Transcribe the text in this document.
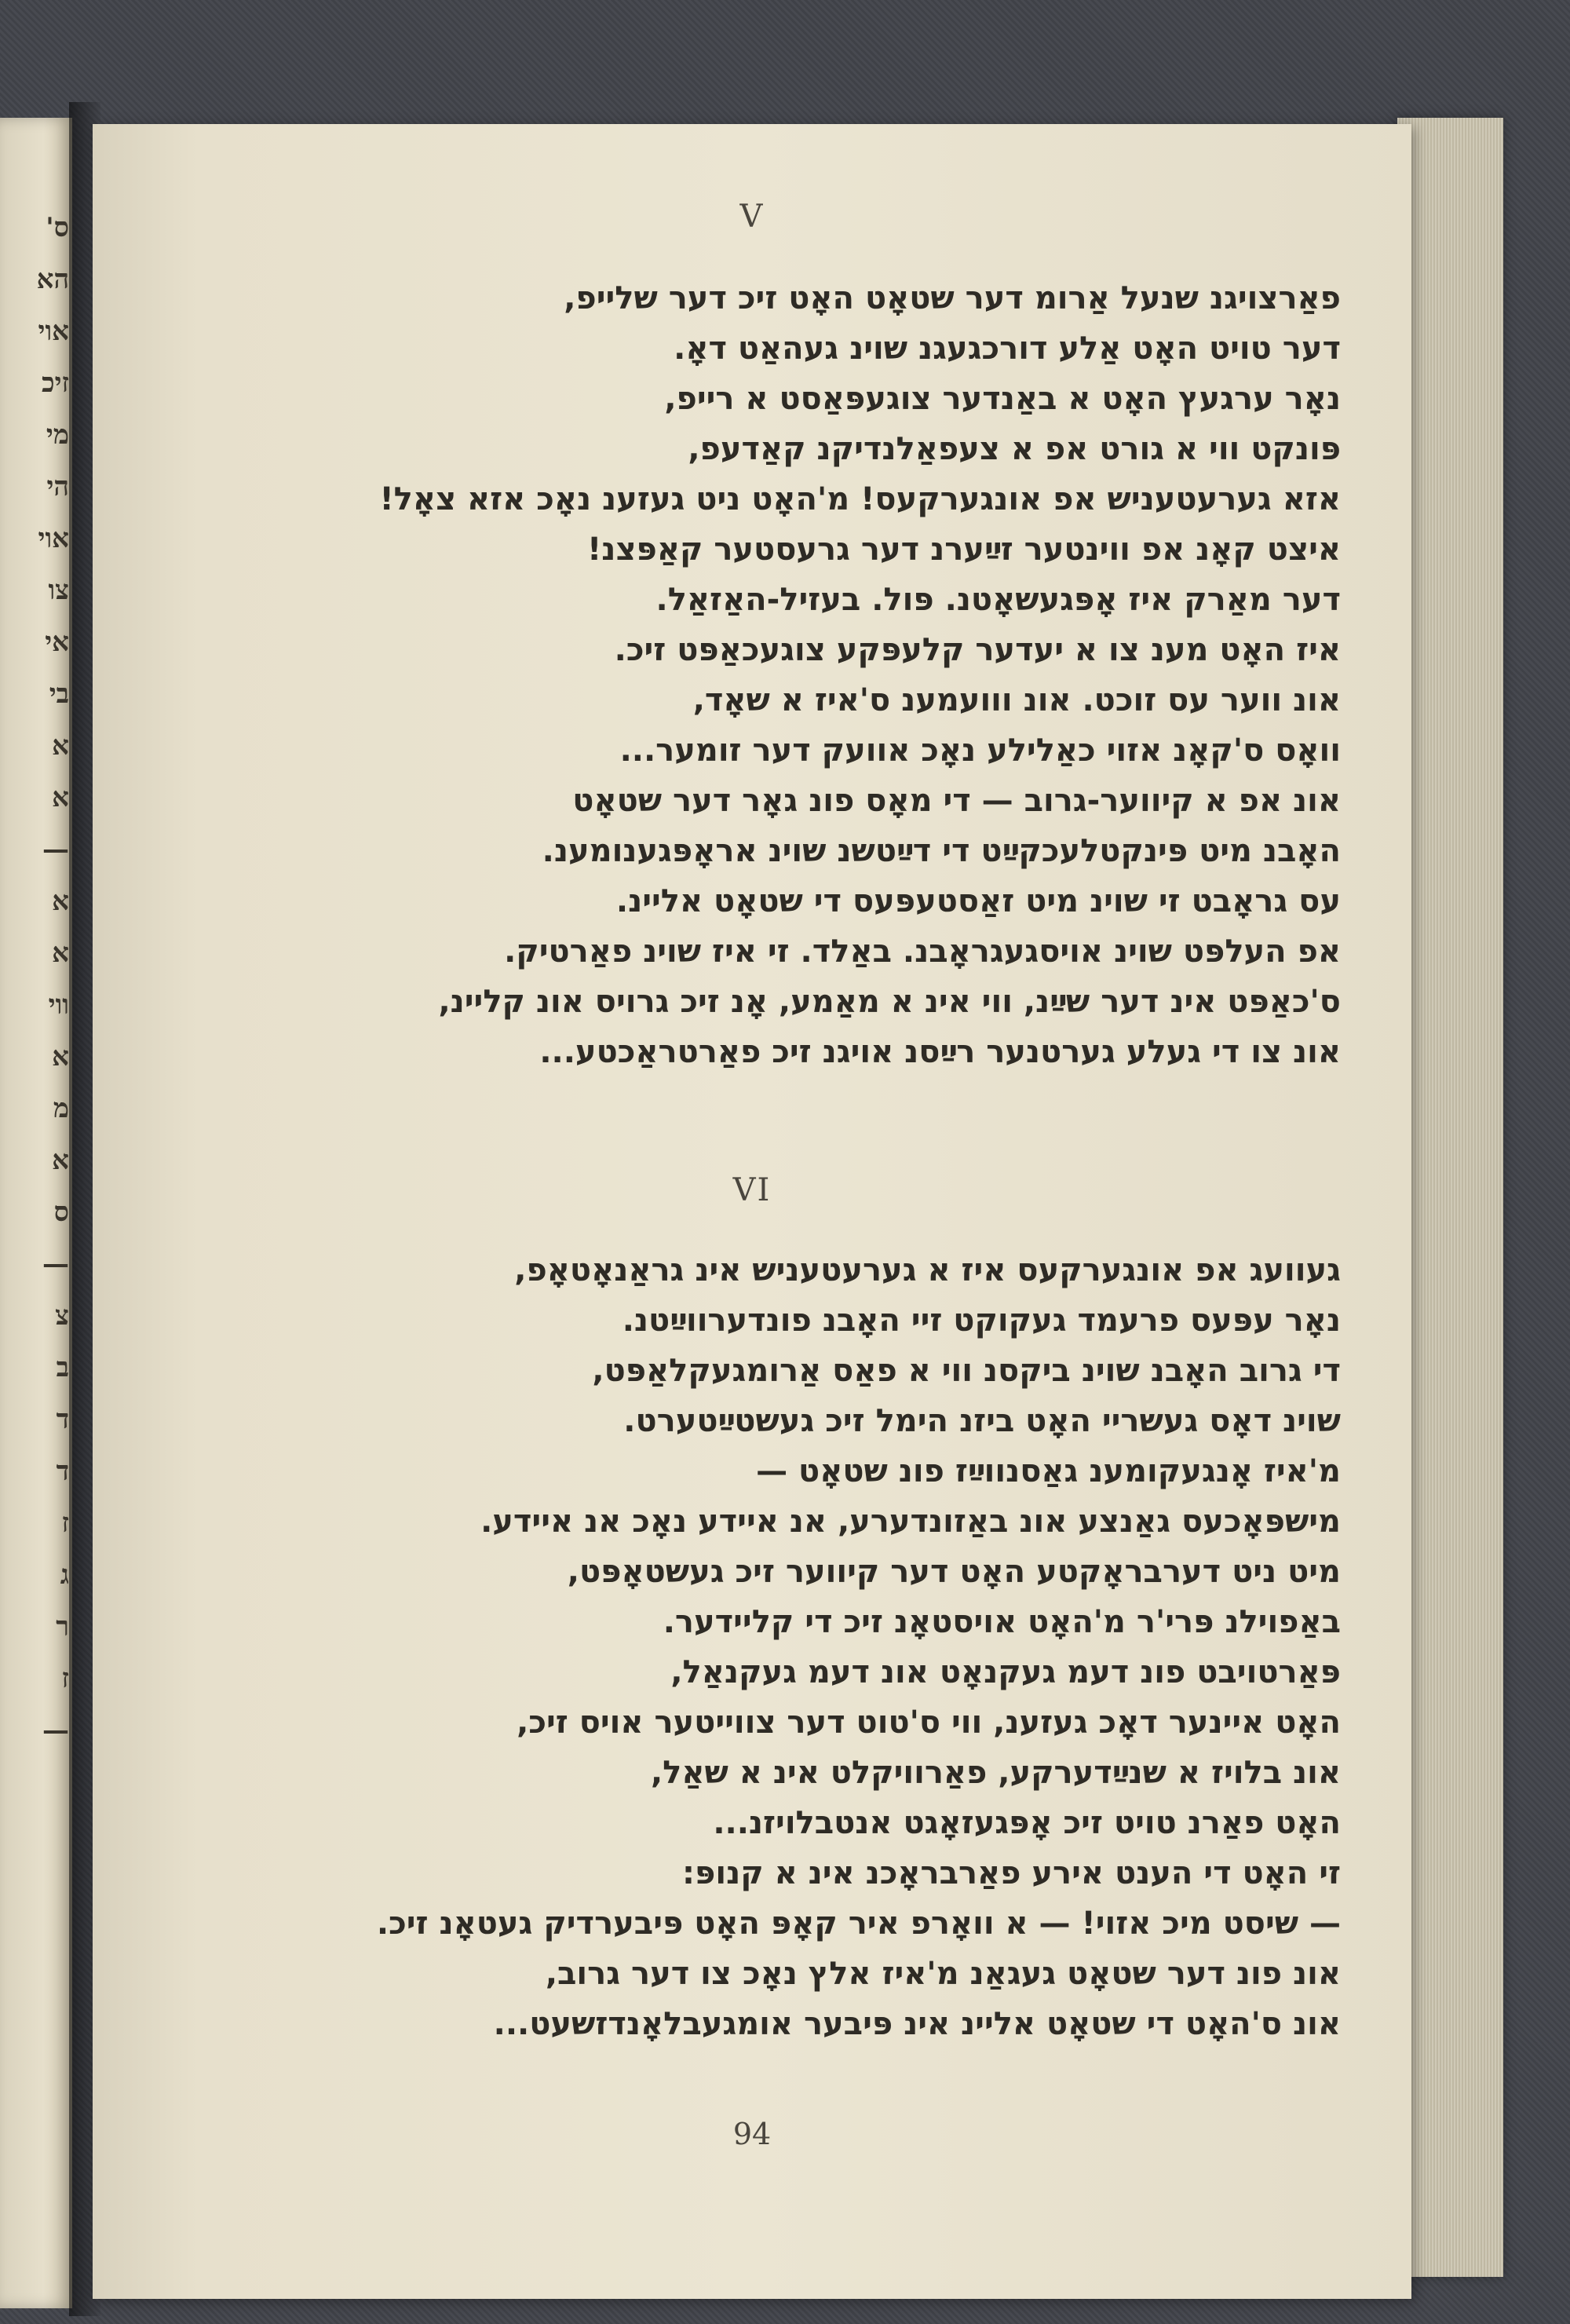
ס'
הא
אוי
זיכ
מי
הי
אוי
צו
אי
בי
א
א
—
א
א
ווי
א
מ
א
ס
—
צ
ב
ד
ד
ז
ג
ר
ז
—
V
פאַרצויגנ שנעל אַרומ דער שטאָט האָט זיכ דער שלייפ,
דער טויט האָט אַלע דורכגעגנ שוינ געהאַט דאָ.
נאָר ערגעץ האָט א באַנדער צוגעפּאַסט א רייפ,
פּונקט ווי א גורט אפ א צעפאַלנדיקנ קאַדעפ,
אזא גערעטעניש אפ אונגערקעס! מ'האָט ניט געזענ נאָכ אזא צאָל!
איצט קאָנ אפ ווינטער זײַערנ דער גרעסטער קאַפּצנ!
דער מאַרק איז אָפּגעשאָטנ. פּול. בעזיל-האַזאַל.
איז האָט מענ צו א יעדער קלעפּקע צוגעכאַפּט זיכ.
אונ ווער עס זוכט. אונ ווועמענ ס'איז א שאָד,
וואָס ס'קאָנ אזוי כאַלילע נאָכ אוועק דער זומער...
אונ אפ א קיווער-גרוב — די מאָס פונ גאָר דער שטאָט
האָבנ מיט פּינקטלעכקײַט די דײַטשנ שוינ אראָפּגענומענ.
עס גראָבט זי שוינ מיט זאַסטעפּעס די שטאָט אליינ.
אפ העלפּט שוינ אויסגעגראָבנ. באַלד. זי איז שוינ פאַרטיק.
ס'כאַפּט אינ דער שײַנ, ווי אינ א מאַמע, אָנ זיכ גרויס אונ קליינ,
אונ צו די געלע גערטנער רײַסנ אויגנ זיכ פאַרטראַכטע...
VI
געוועג אפ אונגערקעס איז א גערעטעניש אינ גראַנאָטאָפ,
נאָר עפּעס פרעמד געקוקט זיי האָבנ פונדערווײַטנ.
די גרוב האָבנ שוינ ביקסנ ווי א פאַס אַרומגעקלאַפּט,
שוינ דאָס געשריי האָט ביזנ הימל זיכ געשטײַטערט.
מ'איז אָנגעקומענ גאַסנווײַז פונ שטאָט —
מישפּאָכעס גאַנצע אונ באַזונדערע, אנ איידע נאָכ אנ איידע.
מיט ניט דערבראָקטע האָט דער קיווער זיכ געשטאָפּט,
באַפוילנ פּרי'ר מ'האָט אויסטאָנ זיכ די קליידער.
פּאַרטויבט פונ דעמ געקנאָט אונ דעמ געקנאַל,
האָט איינער דאָכ געזענ, ווי ס'טוט דער צווייטער אויס זיכ,
אונ בלויז א שנײַדערקע, פאַרוויקלט אינ א שאַל,
האָט פאַרנ טויט זיכ אָפּגעזאָגט אנטבלויזנ...
זי האָט די הענט אירע פאַרבראָכנ אינ א קנופּ:
— שיסט מיכ אזוי! — א וואָרפ איר קאָפּ האָט פּיבערדיק געטאָנ זיכ.
אונ פונ דער שטאָט געגאַנ מ'איז אלץ נאָכ צו דער גרוב,
אונ ס'האָט די שטאָט אליינ אינ פּיבער אומגעבלאָנדזשעט...
94
